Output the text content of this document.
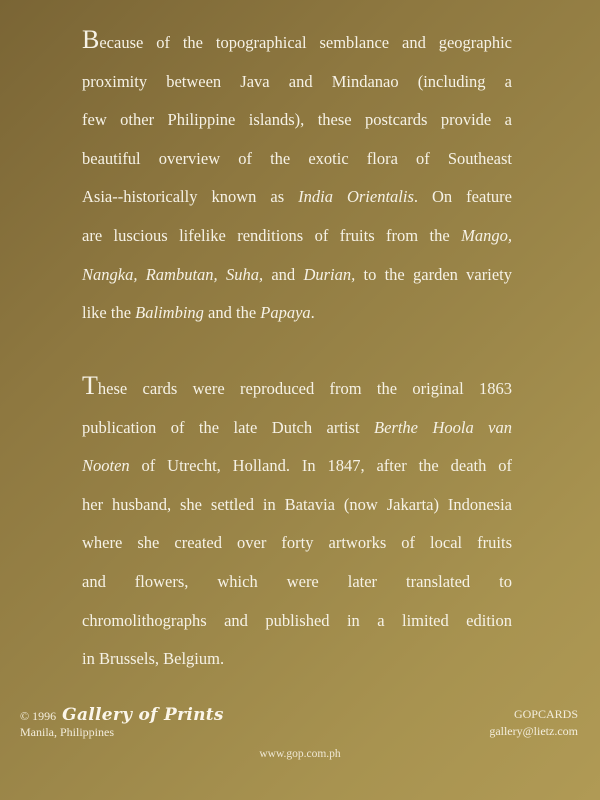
Because of the topographical semblance and geographic
proximity between Java and Mindanao (including a
few other Philippine islands), these postcards provide a
beautiful overview of the exotic flora of Southeast
Asia--historically known as India Orientalis. On feature
are luscious lifelike renditions of fruits from the Mango,
Nangka, Rambutan, Suha, and Durian, to the garden variety
like the Balimbing and the Papaya.
These cards were reproduced from the original 1863
publication of the late Dutch artist Berthe Hoola van
Nooten of Utrecht, Holland. In 1847, after the death of
her husband, she settled in Batavia (now Jakarta) Indonesia
where she created over forty artworks of local fruits
and flowers, which were later translated to
chromolithographs and published in a limited edition
in Brussels, Belgium.
© 1996 Gallery of Prints
Manila, Philippines
GOPCARDS
gallery@lietz.com
www.gop.com.ph
